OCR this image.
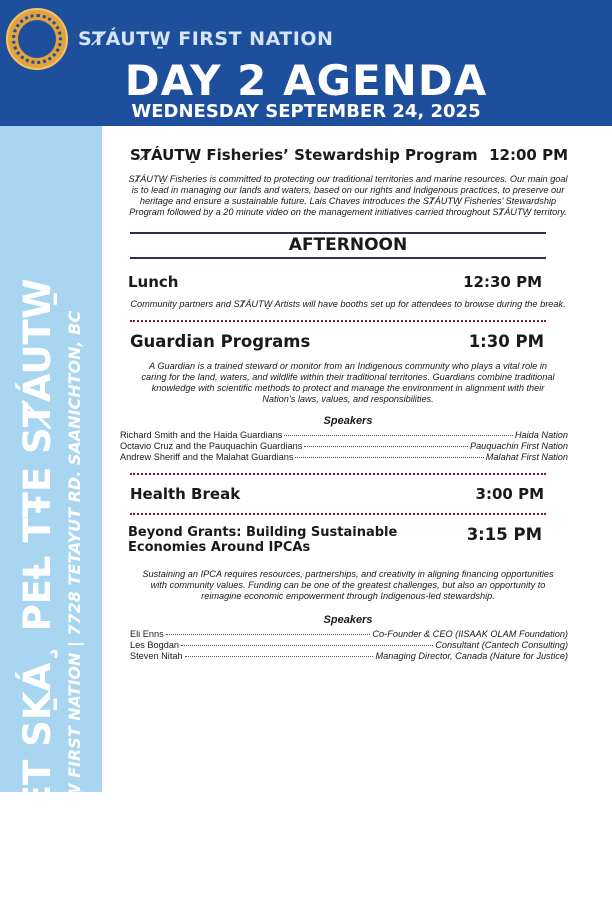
SȾÁUTW̱ FIRST NATION
DAY 2 AGENDA
WEDNESDAY SEPTEMBER 24, 2025
ȾENET SḴÁ¸ PEȽ TŦE SȾÁUTW̱ SȾÁUTW̱ FIRST NATION | 7728 TETAYUT RD. SAANICHTON, BC
SȾÁUTW̱ Fisheries’ Stewardship Program 12:00 PM
SȾÁUTW̱ Fisheries is committed to protecting our traditional territories and marine resources. Our main goal is to lead in managing our lands and waters, based on our rights and Indigenous practices, to preserve our heritage and ensure a sustainable future. Lais Chaves introduces the SȾÁUTW̱ Fisheries’ Stewardship Program followed by a 20 minute video on the management initiatives carried throughout SȾÁUTW̱ territory.
AFTERNOON
Lunch	12:30 PM
Community partners and SȾÁUTW̱ Artists will have booths set up for attendees to browse during the break.
Guardian Programs	1:30 PM
A Guardian is a trained steward or monitor from an Indigenous community who plays a vital role in caring for the land, waters, and wildlife within their traditional territories. Guardians combine traditional knowledge with scientific methods to protect and manage the environment in alignment with their Nation’s laws, values, and responsibilities.
Speakers
Richard Smith and the Haida Guardians	Haida Nation
Octavio Cruz and the Pauquachin Guardians	Pauquachin First Nation
Andrew Sheriff and the Malahat Guardians	Malahat First Nation
Health Break	3:00 PM
Beyond Grants: Building Sustainable Economies Around IPCAs
3:15 PM
Sustaining an IPCA requires resources, partnerships, and creativity in aligning financing opportunities with community values. Funding can be one of the greatest challenges, but also an opportunity to reimagine economic empowerment through Indigenous-led stewardship.
Speakers
Eli Enns	Co-Founder & CEO (IISAAK OLAM Foundation)
Les Bogdan	Consultant (Cantech Consulting)
Steven Nitah	Managing Director, Canada (Nature for Justice)
